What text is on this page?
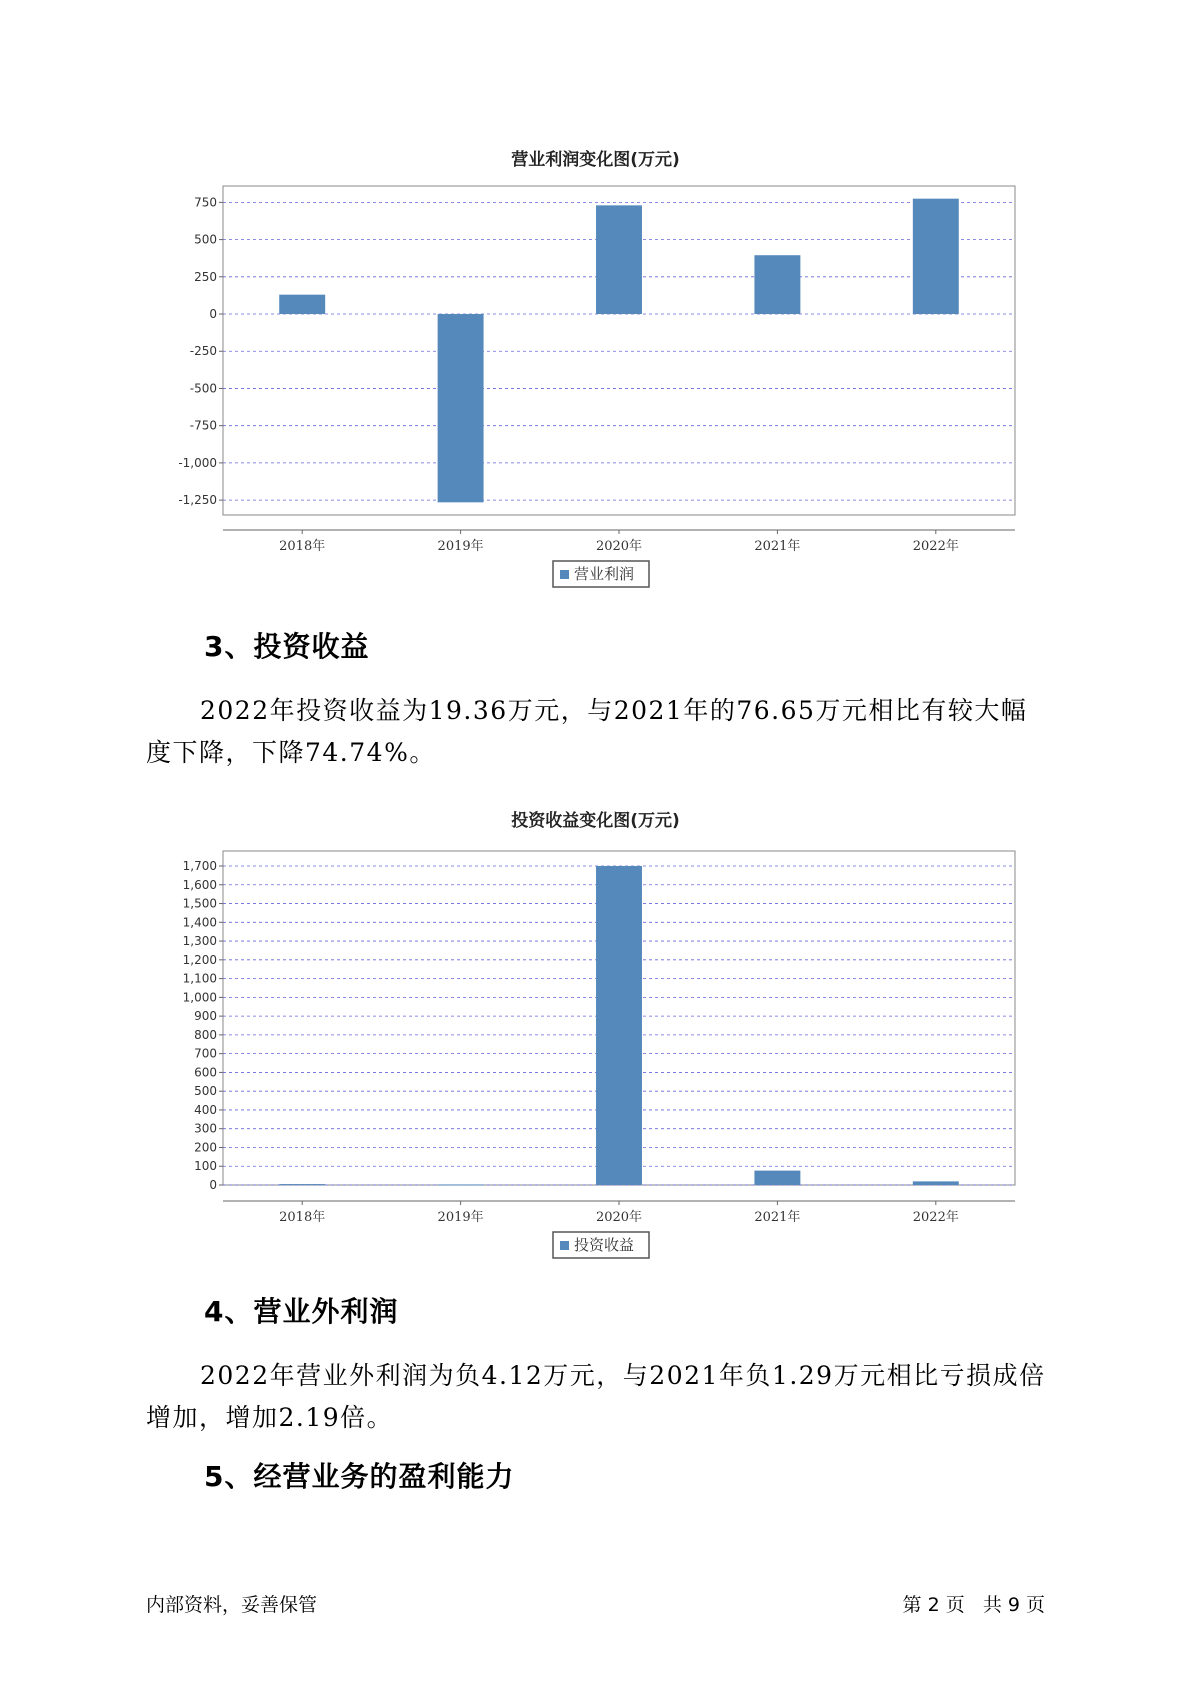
营业利润变化图(万元)
750
500
250
0
-250
-500
-750
-1,000
-1,250
2018年	2019年	2020年	2021年	2022年
营业利润
3、投资收益

2022年投资收益为19.36万元，与2021年的76.65万元相比有较大幅度下降，下降74.74%。

投资收益变化图(万元)
0
100
200
300
400
500
600
700
800
900
1,000
1,100
1,200
1,300
1,400
1,500
1,600
1,700
2018年	2019年	2020年	2021年	2022年
投资收益
4、营业外利润

2022年营业外利润为负4.12万元，与2021年负1.29万元相比亏损成倍增加，增加2.19倍。

5、经营业务的盈利能力
内部资料，妥善保管	第 2 页   共 9 页
